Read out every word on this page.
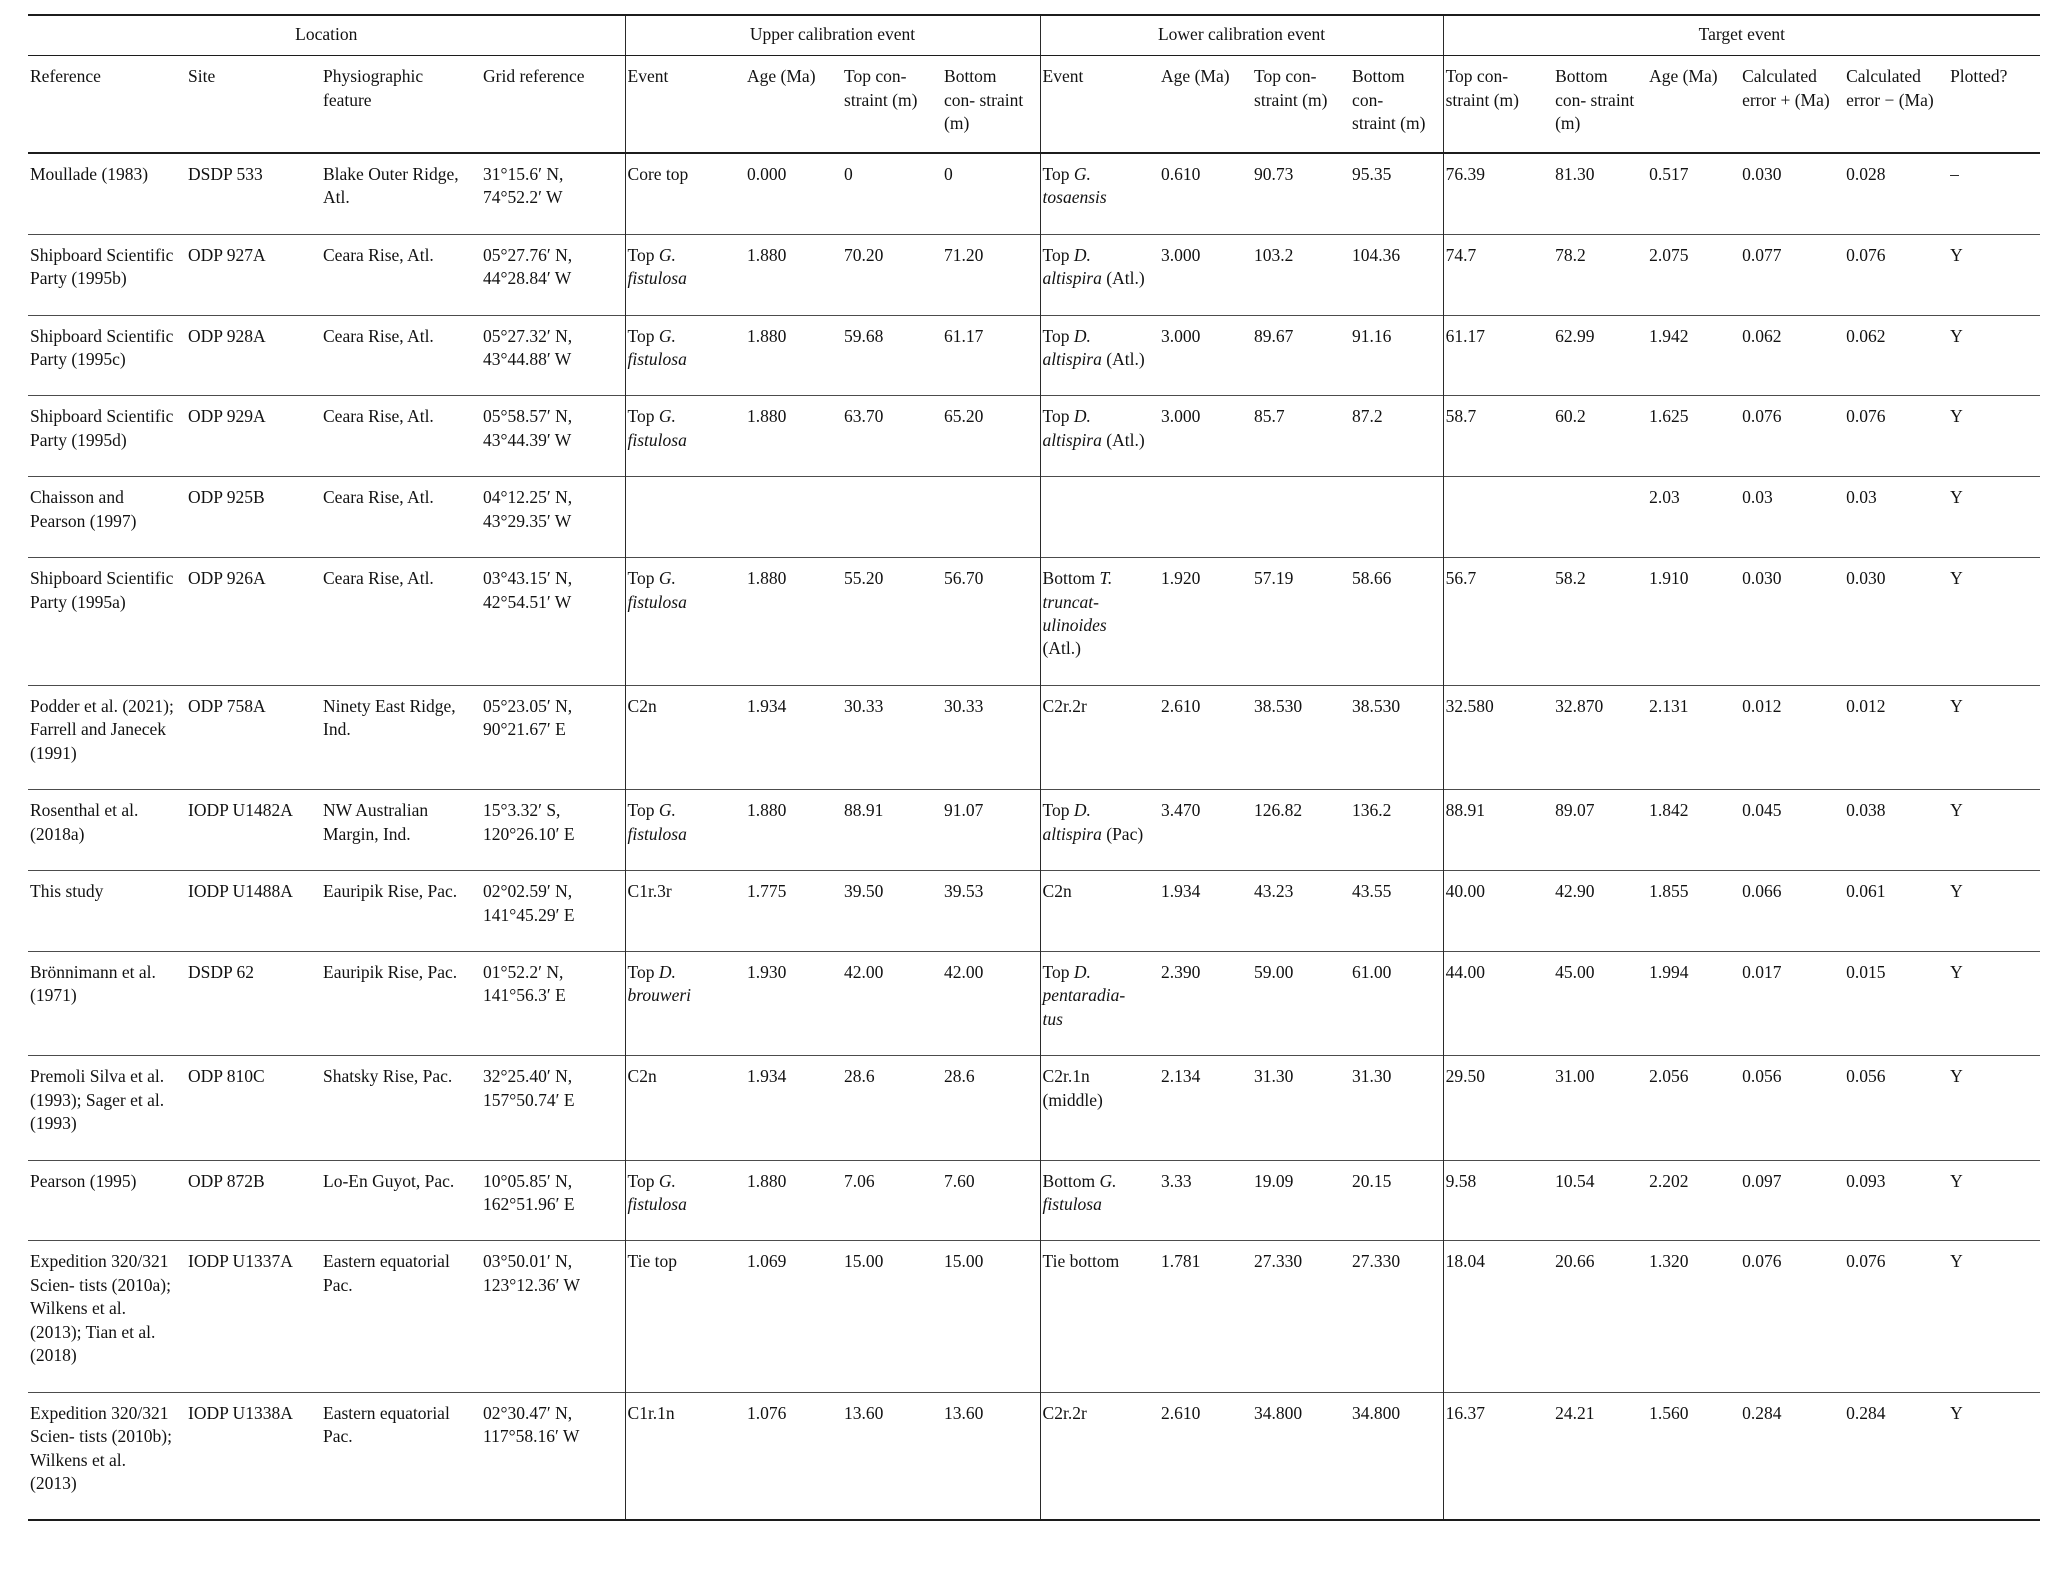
Location				Upper calibration event				Lower calibration event				Target event					
Reference	Site	Physiographic feature	Grid reference	Event	Age (Ma)	Top con- straint (m)	Bottom con- straint (m)	Event	Age (Ma)	Top con- straint (m)	Bottom con- straint (m)	Top con- straint (m)	Bottom con- straint (m)	Age (Ma)	Calculated error + (Ma)	Calculated error − (Ma)	Plotted?
Moullade (1983)	DSDP 533	Blake Outer Ridge, Atl.	31°15.6′ N, 74°52.2′ W	Core top	0.000	0	0	Top G. tosaensis	0.610	90.73	95.35	76.39	81.30	0.517	0.030	0.028	–
Shipboard Scientific Party (1995b)	ODP 927A	Ceara Rise, Atl.	05°27.76′ N, 44°28.84′ W	Top G. fistulosa	1.880	70.20	71.20	Top D. altispira (Atl.)	3.000	103.2	104.36	74.7	78.2	2.075	0.077	0.076	Y
Shipboard Scientific Party (1995c)	ODP 928A	Ceara Rise, Atl.	05°27.32′ N, 43°44.88′ W	Top G. fistulosa	1.880	59.68	61.17	Top D. altispira (Atl.)	3.000	89.67	91.16	61.17	62.99	1.942	0.062	0.062	Y
Shipboard Scientific Party (1995d)	ODP 929A	Ceara Rise, Atl.	05°58.57′ N, 43°44.39′ W	Top G. fistulosa	1.880	63.70	65.20	Top D. altispira (Atl.)	3.000	85.7	87.2	58.7	60.2	1.625	0.076	0.076	Y
Chaisson and Pearson (1997)	ODP 925B	Ceara Rise, Atl.	04°12.25′ N, 43°29.35′ W											2.03	0.03	0.03	Y
Shipboard Scientific Party (1995a)	ODP 926A	Ceara Rise, Atl.	03°43.15′ N, 42°54.51′ W	Top G. fistulosa	1.880	55.20	56.70	Bottom T. truncat- ulinoides (Atl.)	1.920	57.19	58.66	56.7	58.2	1.910	0.030	0.030	Y
Podder et al. (2021); Farrell and Janecek (1991)	ODP 758A	Ninety East Ridge, Ind.	05°23.05′ N, 90°21.67′ E	C2n	1.934	30.33	30.33	C2r.2r	2.610	38.530	38.530	32.580	32.870	2.131	0.012	0.012	Y
Rosenthal et al. (2018a)	IODP U1482A	NW Australian Margin, Ind.	15°3.32′ S, 120°26.10′ E	Top G. fistulosa	1.880	88.91	91.07	Top D. altispira (Pac)	3.470	126.82	136.2	88.91	89.07	1.842	0.045	0.038	Y
This study	IODP U1488A	Eauripik Rise, Pac.	02°02.59′ N, 141°45.29′ E	C1r.3r	1.775	39.50	39.53	C2n	1.934	43.23	43.55	40.00	42.90	1.855	0.066	0.061	Y
Brönnimann et al. (1971)	DSDP 62	Eauripik Rise, Pac.	01°52.2′ N, 141°56.3′ E	Top D. brouweri	1.930	42.00	42.00	Top D. pentaradia- tus	2.390	59.00	61.00	44.00	45.00	1.994	0.017	0.015	Y
Premoli Silva et al. (1993); Sager et al. (1993)	ODP 810C	Shatsky Rise, Pac.	32°25.40′ N, 157°50.74′ E	C2n	1.934	28.6	28.6	C2r.1n (middle)	2.134	31.30	31.30	29.50	31.00	2.056	0.056	0.056	Y
Pearson (1995)	ODP 872B	Lo-En Guyot, Pac.	10°05.85′ N, 162°51.96′ E	Top G. fistulosa	1.880	7.06	7.60	Bottom G. fistulosa	3.33	19.09	20.15	9.58	10.54	2.202	0.097	0.093	Y
Expedition 320/321 Scien- tists (2010a); Wilkens et al. (2013); Tian et al. (2018)	IODP U1337A	Eastern equatorial Pac.	03°50.01′ N, 123°12.36′ W	Tie top	1.069	15.00	15.00	Tie bottom	1.781	27.330	27.330	18.04	20.66	1.320	0.076	0.076	Y
Expedition 320/321 Scien- tists (2010b); Wilkens et al. (2013)	IODP U1338A	Eastern equatorial Pac.	02°30.47′ N, 117°58.16′ W	C1r.1n	1.076	13.60	13.60	C2r.2r	2.610	34.800	34.800	16.37	24.21	1.560	0.284	0.284	Y
